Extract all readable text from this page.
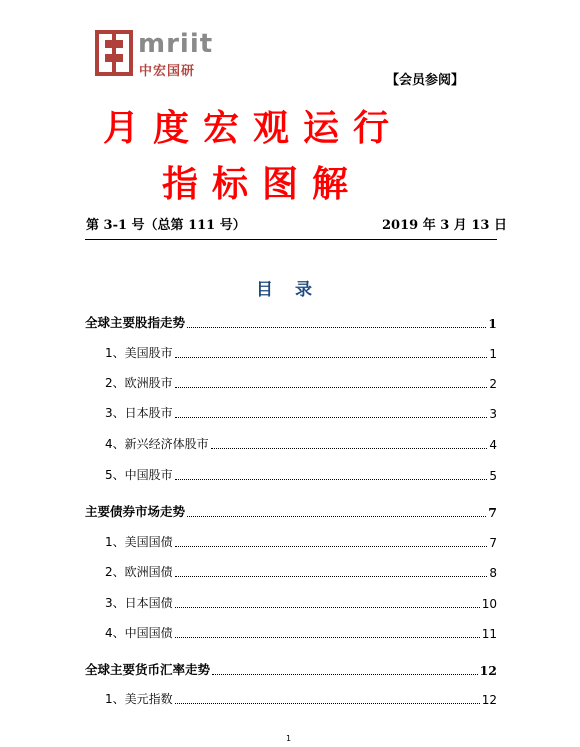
mriit
中宏国研
【会员参阅】
月度宏观运行
指标图解
第 3-1 号（总第 111 号）	2019 年 3 月 13 日
目录
全球主要股指走势	1
1、美国股市	1
2、欧洲股市	2
3、日本股市	3
4、新兴经济体股市	4
5、中国股市	5
主要债券市场走势	7
1、美国国债	7
2、欧洲国债	8
3、日本国债	10
4、中国国债	11
全球主要货币汇率走势	12
1、美元指数	12
1
